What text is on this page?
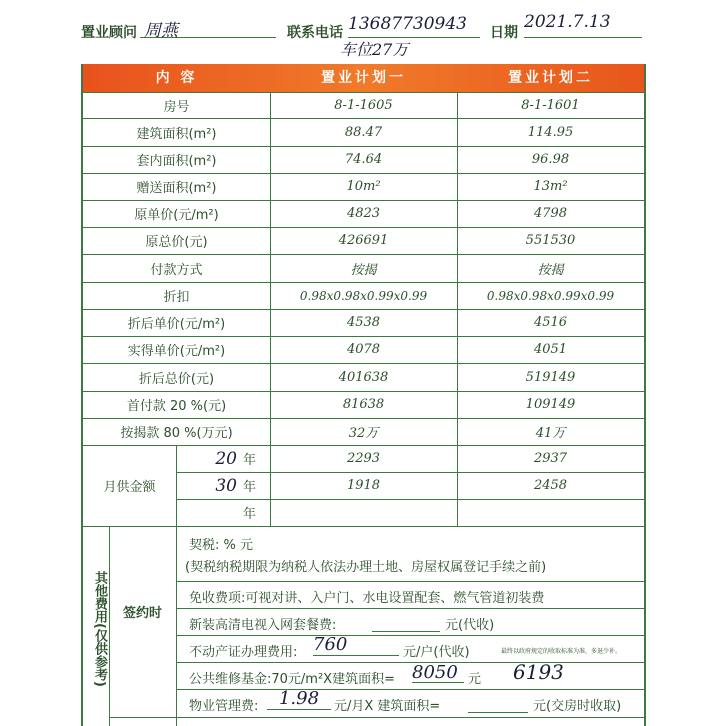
置业顾问 周燕	联系电话 13687730943	日期
2021.7.13
内 容	置业计划一	置业计划二
房号	8-1-1605	8-1-1601
建筑面积(m²)	88.47	114.95
套内面积(m²)	74.64	96.98
赠送面积(m²)	10m²	13m²
原单价(元/m²)	4823	4798
原总价(元)	426691	551530
付款方式	按揭	按揭
折扣	0.98x0.98x0.99x0.99	0.98x0.98x0.99x0.99
折后单价(元/m²)	4538	4516
实得单价(元/m²)	4078	4051
折后总价(元)	401638	519149
首付款 20 %(元)	81638	109149
按揭款 80 %(万元)	32万	41万
月供金额
20 年	2293	2937
30 年	1918	2458
年
其他费用(仅供参考)	签约时
契税: % 元
(契税纳税期限为纳税人依法办理土地、房屋权属登记手续之前)
免收费项:可视对讲、入户门、水电设置配套、燃气管道初装费
新装高清电视入网套餐费:	元(代收)
不动产证办理费用: 760	元/户(代收)	最终以政府规定的收取标准为准，多退少补。
公共维修基金:70元/m²X建筑面积= 8050 元 6193
物业管理费:	1.98	元/月X 建筑面积=	元(交房时收取)
车位27万
